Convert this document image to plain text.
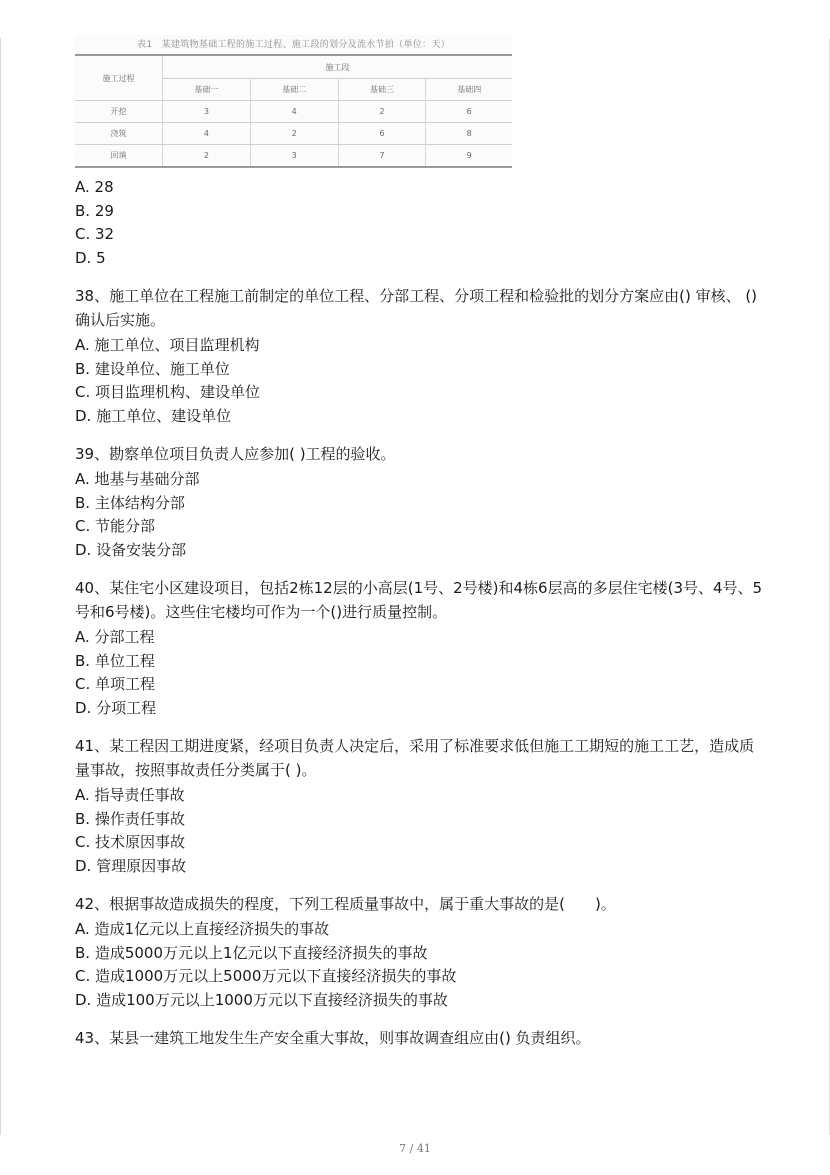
表1　某建筑物基础工程的施工过程、施工段的划分及流水节拍（单位：天）
施工过程	施工段			
	基础一	基础二	基础三	基础四
开挖	3	4	2	6
浇筑	4	2	6	8
回填	2	3	7	9
A. 28
B. 29
C. 32
D. 5
38、施工单位在工程施工前制定的单位工程、分部工程、分项工程和检验批的划分方案应由() 审核、 ()确认后实施。
A. 施工单位、项目监理机构
B. 建设单位、施工单位
C. 项目监理机构、建设单位
D. 施工单位、建设单位
39、勘察单位项目负责人应参加( )工程的验收。
A. 地基与基础分部
B. 主体结构分部
C. 节能分部
D. 设备安装分部
40、某住宅小区建设项目，包括2栋12层的小高层(1号、2号楼)和4栋6层高的多层住宅楼(3号、4号、5号和6号楼)。这些住宅楼均可作为一个()进行质量控制。
A. 分部工程
B. 单位工程
C. 单项工程
D. 分项工程
41、某工程因工期进度紧，经项目负责人决定后，采用了标准要求低但施工工期短的施工工艺，造成质量事故，按照事故责任分类属于( )。
A. 指导责任事故
B. 操作责任事故
C. 技术原因事故
D. 管理原因事故
42、根据事故造成损失的程度，下列工程质量事故中，属于重大事故的是(　　)。
A. 造成1亿元以上直接经济损失的事故
B. 造成5000万元以上1亿元以下直接经济损失的事故
C. 造成1000万元以上5000万元以下直接经济损失的事故
D. 造成100万元以上1000万元以下直接经济损失的事故
43、某县一建筑工地发生生产安全重大事故，则事故调查组应由() 负责组织。
7 / 41
